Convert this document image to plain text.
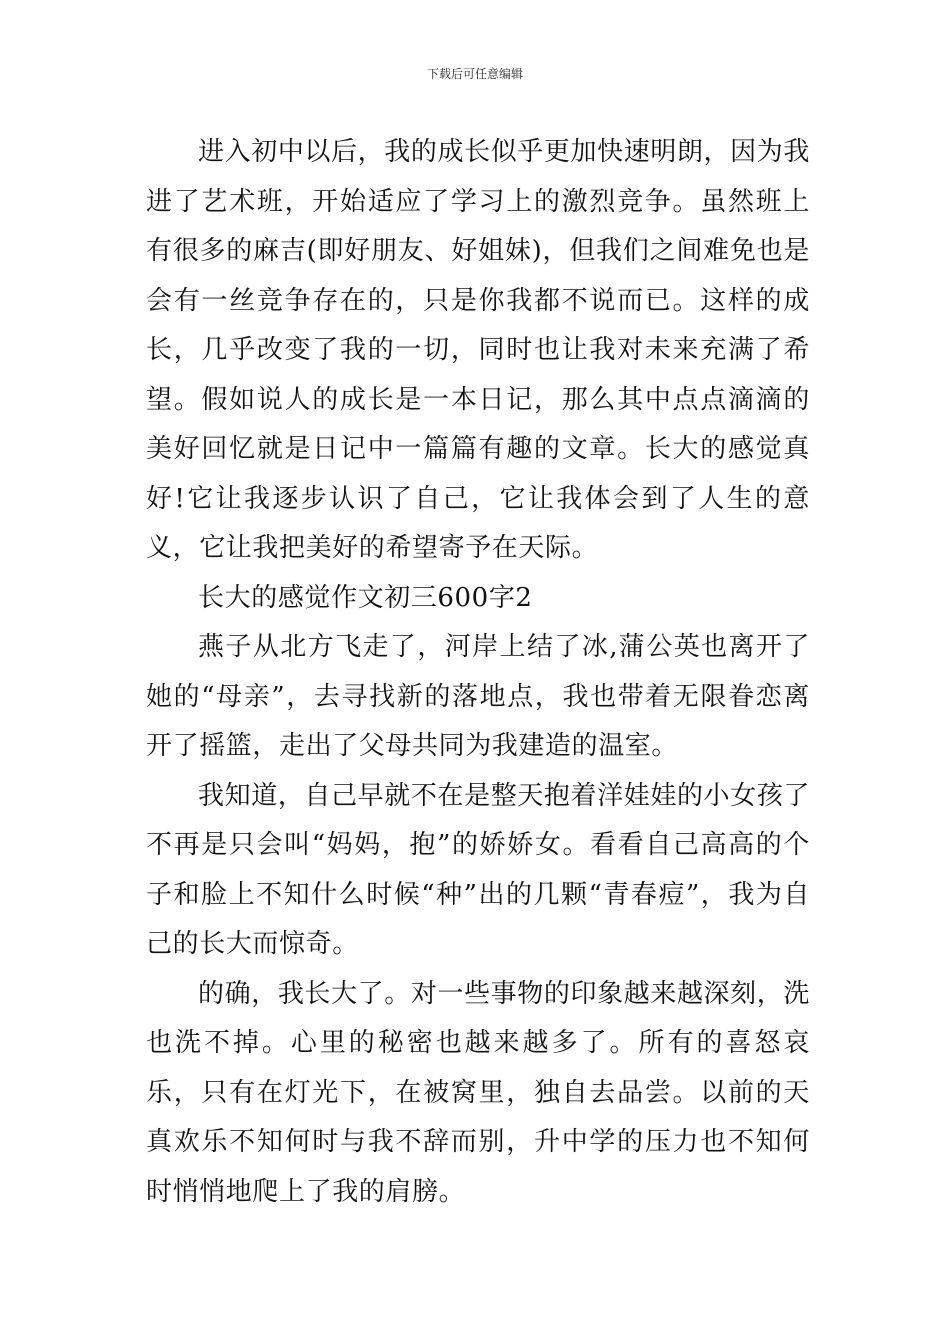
下载后可任意编辑

进入初中以后，我的成长似乎更加快速明朗，因为我进了艺术班，开始适应了学习上的激烈竞争。虽然班上有很多的麻吉(即好朋友、好姐妹)，但我们之间难免也是会有一丝竞争存在的，只是你我都不说而已。这样的成长，几乎改变了我的一切，同时也让我对未来充满了希望。假如说人的成长是一本日记，那么其中点点滴滴的美好回忆就是日记中一篇篇有趣的文章。长大的感觉真好!它让我逐步认识了自己，它让我体会到了人生的意义，它让我把美好的希望寄予在天际。

长大的感觉作文初三600字2

燕子从北方飞走了，河岸上结了冰,蒲公英也离开了她的“母亲”，去寻找新的落地点，我也带着无限眷恋离开了摇篮，走出了父母共同为我建造的温室。

我知道，自己早就不在是整天抱着洋娃娃的小女孩了不再是只会叫“妈妈，抱”的娇娇女。看看自己高高的个子和脸上不知什么时候“种”出的几颗“青春痘”，我为自己的长大而惊奇。

的确，我长大了。对一些事物的印象越来越深刻，洗也洗不掉。心里的秘密也越来越多了。所有的喜怒哀乐，只有在灯光下，在被窝里，独自去品尝。以前的天真欢乐不知何时与我不辞而别，升中学的压力也不知何时悄悄地爬上了我的肩膀。
